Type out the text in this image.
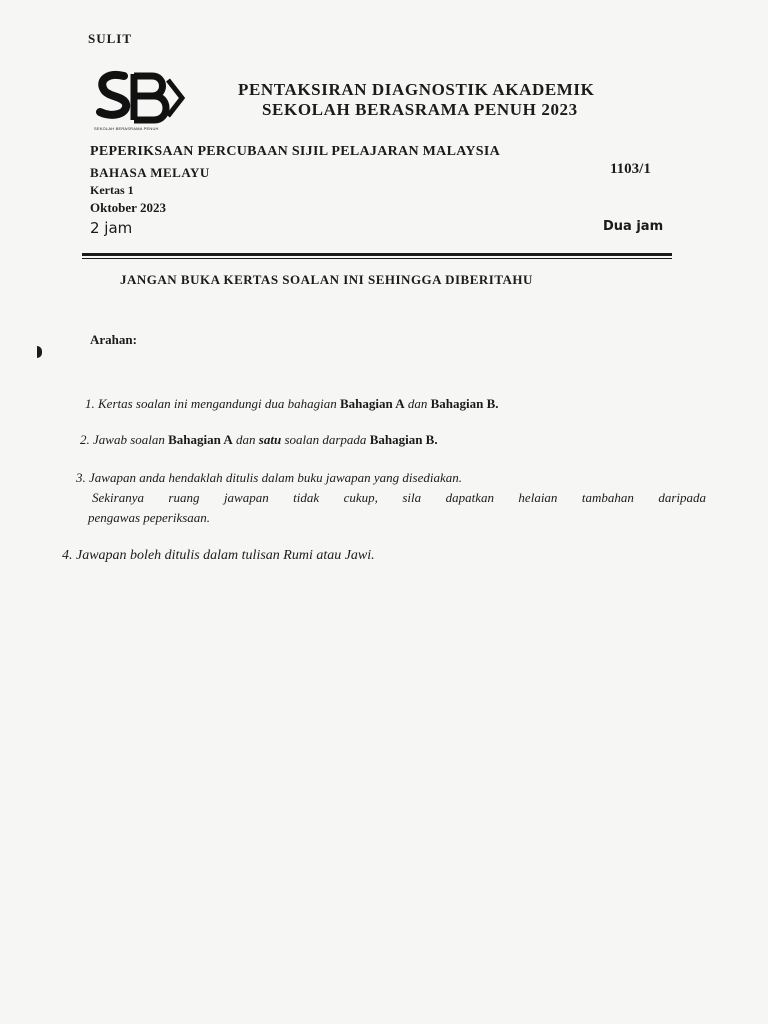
SULIT
SEKOLAH BERASRAMA PENUH
PENTAKSIRAN DIAGNOSTIK AKADEMIK
SEKOLAH BERASRAMA PENUH 2023
PEPERIKSAAN PERCUBAAN SIJIL PELAJARAN MALAYSIA
BAHASA MELAYU	1103/1
Kertas 1
Oktober 2023
2 jam	Dua jam
JANGAN BUKA KERTAS SOALAN INI SEHINGGA DIBERITAHU
Arahan:
1. Kertas soalan ini mengandungi dua bahagian Bahagian A dan Bahagian B.
2. Jawab soalan Bahagian A dan satu soalan darpada Bahagian B.
3. Jawapan anda hendaklah ditulis dalam buku jawapan yang disediakan.
Sekiranya ruang jawapan tidak cukup, sila dapatkan helaian tambahan daripada
pengawas peperiksaan.
4. Jawapan boleh ditulis dalam tulisan Rumi atau Jawi.
